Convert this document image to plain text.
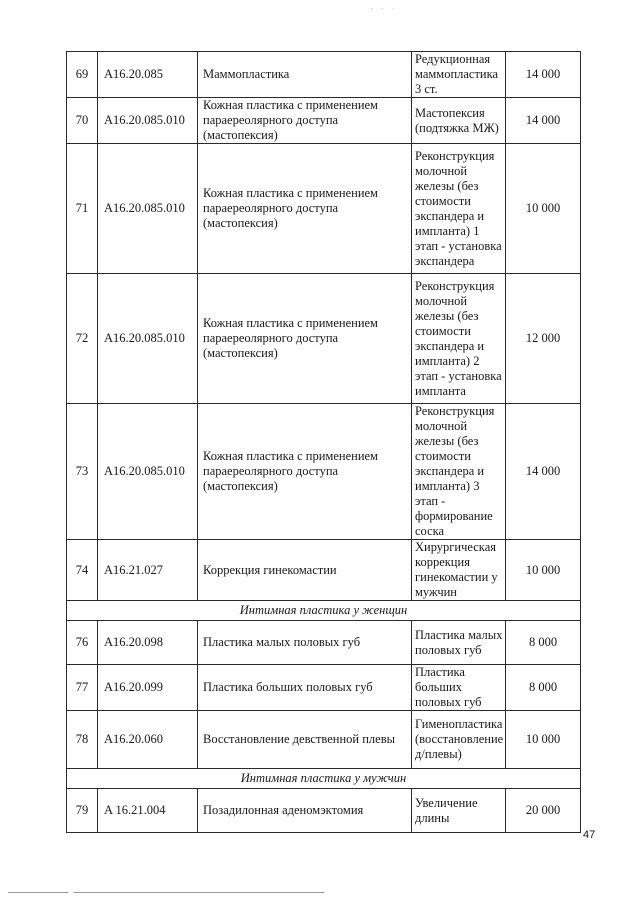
· · ·
69	A16.20.085	Маммопластика	Редукционная маммопластика 3 ст.	14 000
70	A16.20.085.010	Кожная пластика с применением параереолярного доступа (мастопексия)	Мастопексия (подтяжка МЖ)	14 000
71	A16.20.085.010	Кожная пластика с применением параереолярного доступа (мастопексия)	Реконструкция молочной железы (без стоимости экспандера и импланта) 1 этап - установка экспандера	10 000
72	A16.20.085.010	Кожная пластика с применением параереолярного доступа (мастопексия)	Реконструкция молочной железы (без стоимости экспандера и импланта) 2 этап - установка импланта	12 000
73	A16.20.085.010	Кожная пластика с применением параереолярного доступа (мастопексия)	Реконструкция молочной железы (без стоимости экспандера и импланта) 3 этап - формирование соска	14 000
74	A16.21.027	Коррекция гинекомастии	Хирургическая коррекция гинекомастии у мужчин	10 000
Интимная пластика у женщин				
76	A16.20.098	Пластика малых половых губ	Пластика малых половых губ	8 000
77	A16.20.099	Пластика больших половых губ	Пластика больших половых губ	8 000
78	A16.20.060	Восстановление девственной плевы	Гименопластика (восстановление д/плевы)	10 000
Интимная пластика у мужчин				
79	A 16.21.004	Позадилонная аденомэктомия	Увеличение длины	20 000
47
